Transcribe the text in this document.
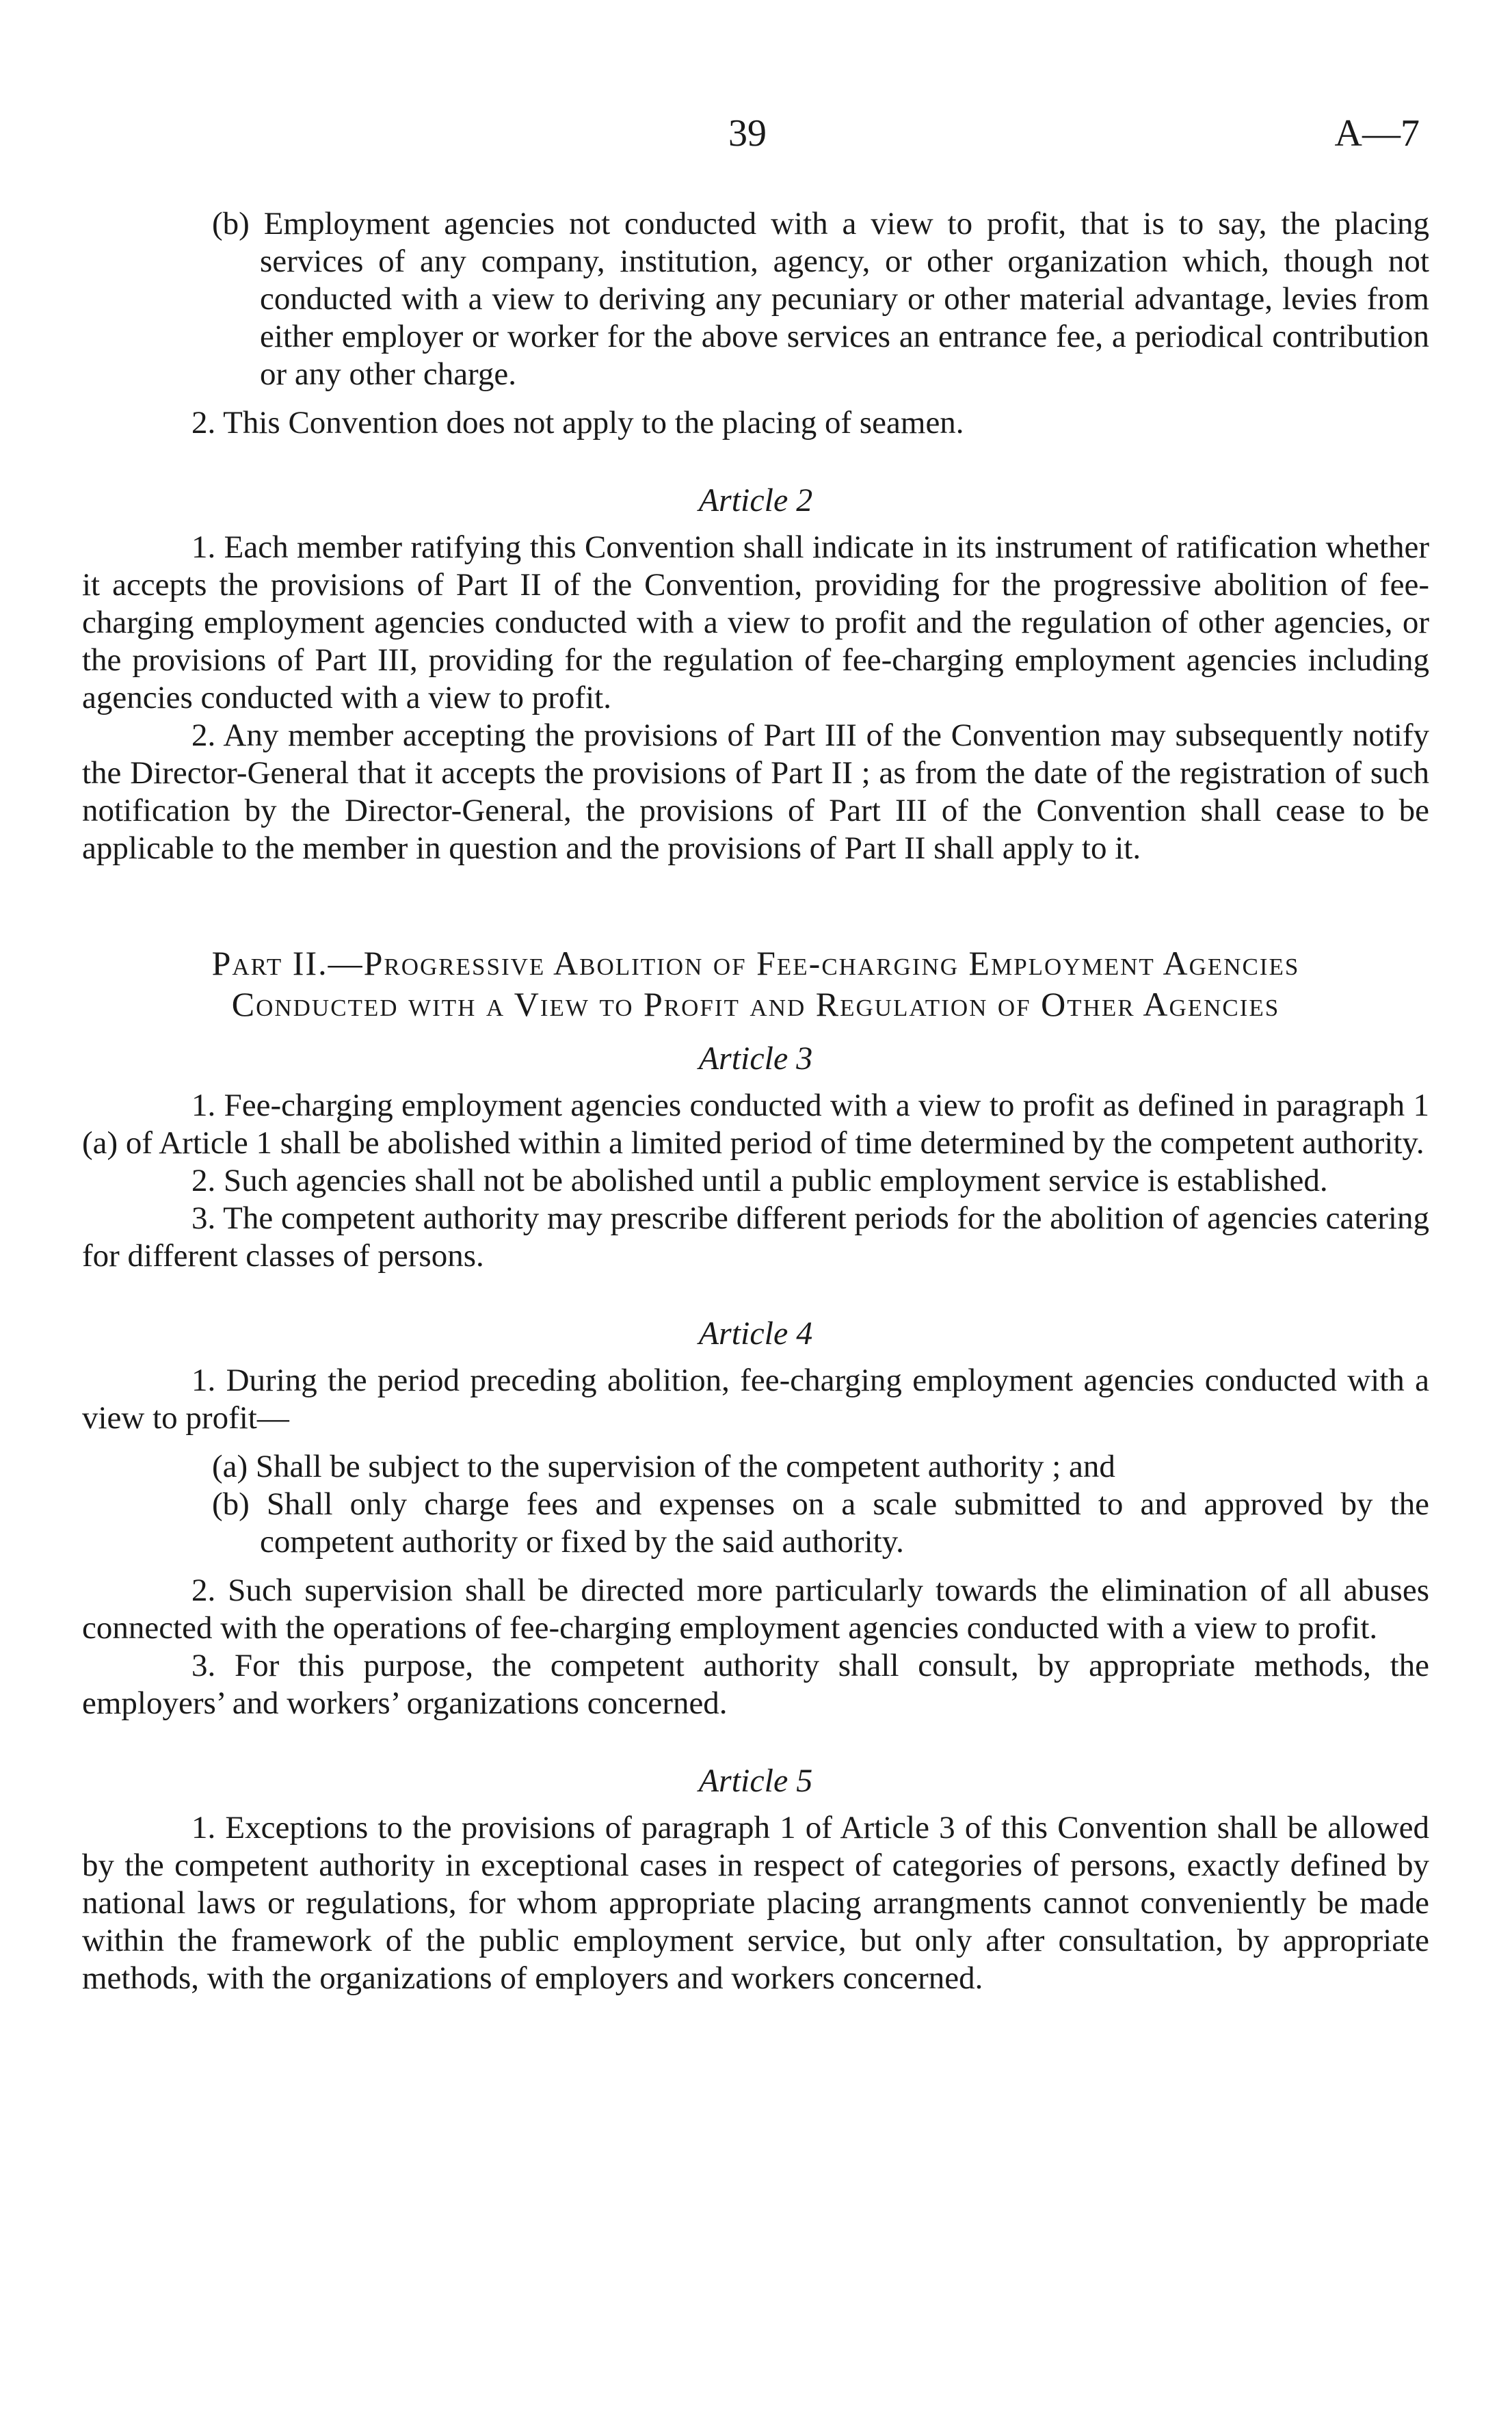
39	A—7

(b) Employment agencies not conducted with a view to profit, that is to say, the placing services of any company, institution, agency, or other organization which, though not conducted with a view to deriving any pecuniary or other material advantage, levies from either employer or worker for the above services an entrance fee, a periodical contribution or any other charge.

2. This Convention does not apply to the placing of seamen.

Article 2

1. Each member ratifying this Convention shall indicate in its instrument of ratification whether it accepts the provisions of Part II of the Convention, providing for the progressive abolition of fee-charging employment agencies conducted with a view to profit and the regulation of other agencies, or the provisions of Part III, providing for the regulation of fee-charging employment agencies including agencies conducted with a view to profit.

2. Any member accepting the provisions of Part III of the Convention may subsequently notify the Director-General that it accepts the provisions of Part II ; as from the date of the registration of such notification by the Director-General, the provisions of Part III of the Convention shall cease to be applicable to the member in question and the provisions of Part II shall apply to it.

Part II.—Progressive Abolition of Fee-charging Employment Agencies
Conducted with a View to Profit and Regulation of Other Agencies
Article 3

1. Fee-charging employment agencies conducted with a view to profit as defined in paragraph 1 (a) of Article 1 shall be abolished within a limited period of time determined by the competent authority.

2. Such agencies shall not be abolished until a public employment service is established.

3. The competent authority may prescribe different periods for the abolition of agencies catering for different classes of persons.

Article 4

1. During the period preceding abolition, fee-charging employment agencies conducted with a view to profit—

(a) Shall be subject to the supervision of the competent authority ; and

(b) Shall only charge fees and expenses on a scale submitted to and approved by the competent authority or fixed by the said authority.

2. Such supervision shall be directed more particularly towards the elimination of all abuses connected with the operations of fee-charging employment agencies conducted with a view to profit.

3. For this purpose, the competent authority shall consult, by appropriate methods, the employers’ and workers’ organizations concerned.

Article 5

1. Exceptions to the provisions of paragraph 1 of Article 3 of this Convention shall be allowed by the competent authority in exceptional cases in respect of categories of persons, exactly defined by national laws or regulations, for whom appropriate placing arrangments cannot conveniently be made within the framework of the public employment service, but only after consultation, by appropriate methods, with the organizations of employers and workers concerned.
